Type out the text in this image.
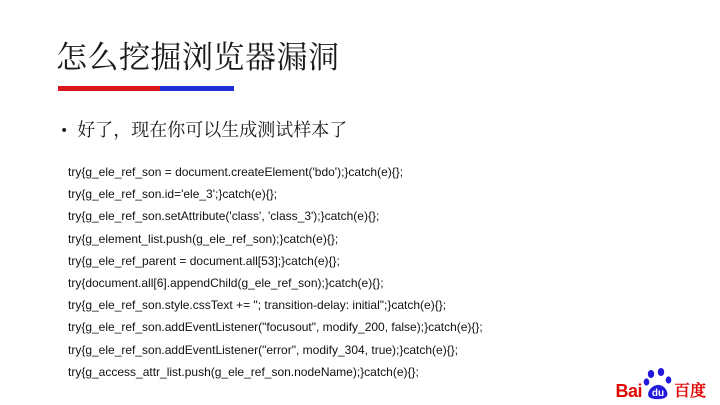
怎么挖掘浏览器漏洞
• 好了，现在你可以生成测试样本了
try{g_ele_ref_son = document.createElement('bdo');}catch(e){};
try{g_ele_ref_son.id='ele_3';}catch(e){};
try{g_ele_ref_son.setAttribute('class', 'class_3');}catch(e){};
try{g_element_list.push(g_ele_ref_son);}catch(e){};
try{g_ele_ref_parent = document.all[53];}catch(e){};
try{document.all[6].appendChild(g_ele_ref_son);}catch(e){};
try{g_ele_ref_son.style.cssText += "; transition-delay: initial";}catch(e){};
try{g_ele_ref_son.addEventListener("focusout", modify_200, false);}catch(e){};
try{g_ele_ref_son.addEventListener("error", modify_304, true);}catch(e){};
try{g_access_attr_list.push(g_ele_ref_son.nodeName);}catch(e){};
Bai du 百度
